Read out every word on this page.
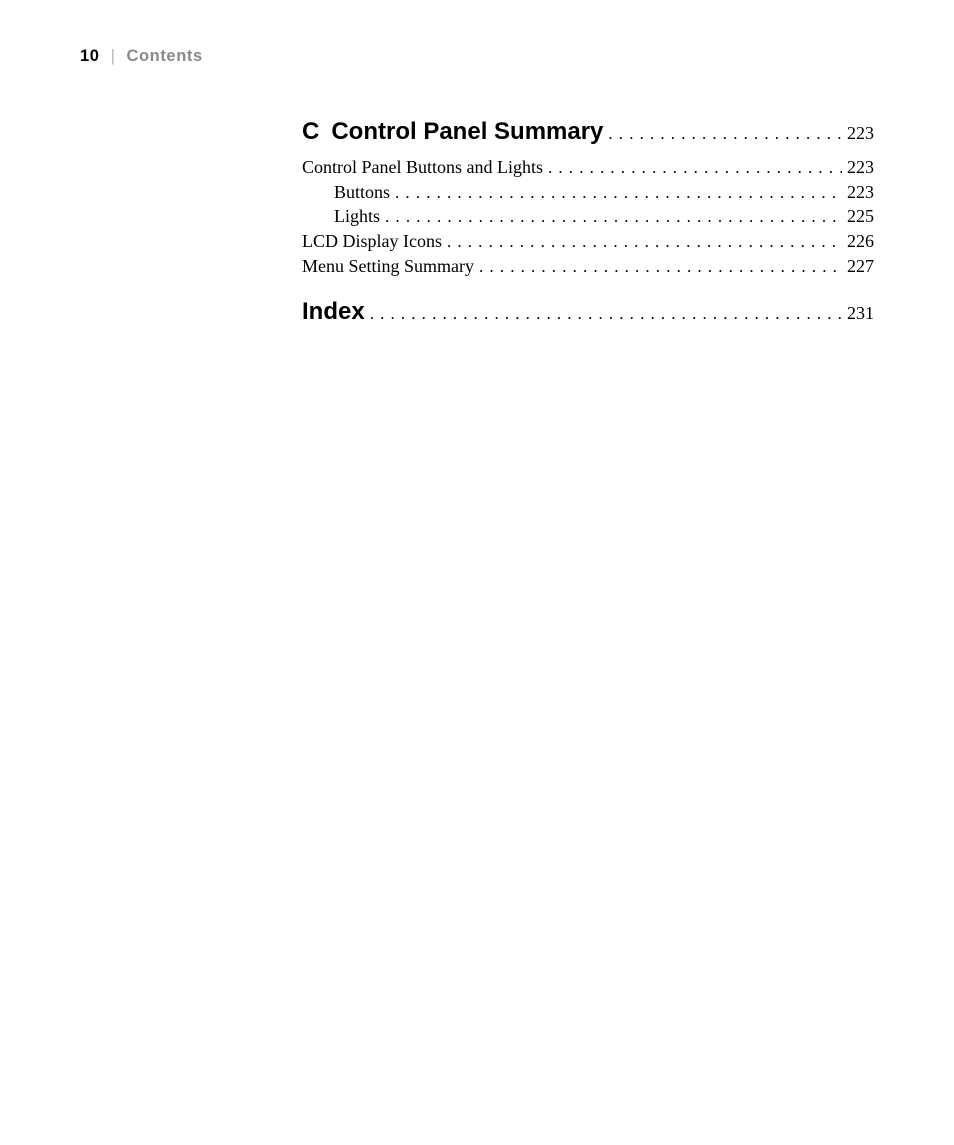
10 | Contents
C Control Panel Summary . . .	223
Control Panel Buttons and Lights . . .	223
Buttons . . .	223
Lights . . .	225
LCD Display Icons . . .	226
Menu Setting Summary . . .	227
Index . . .	231
